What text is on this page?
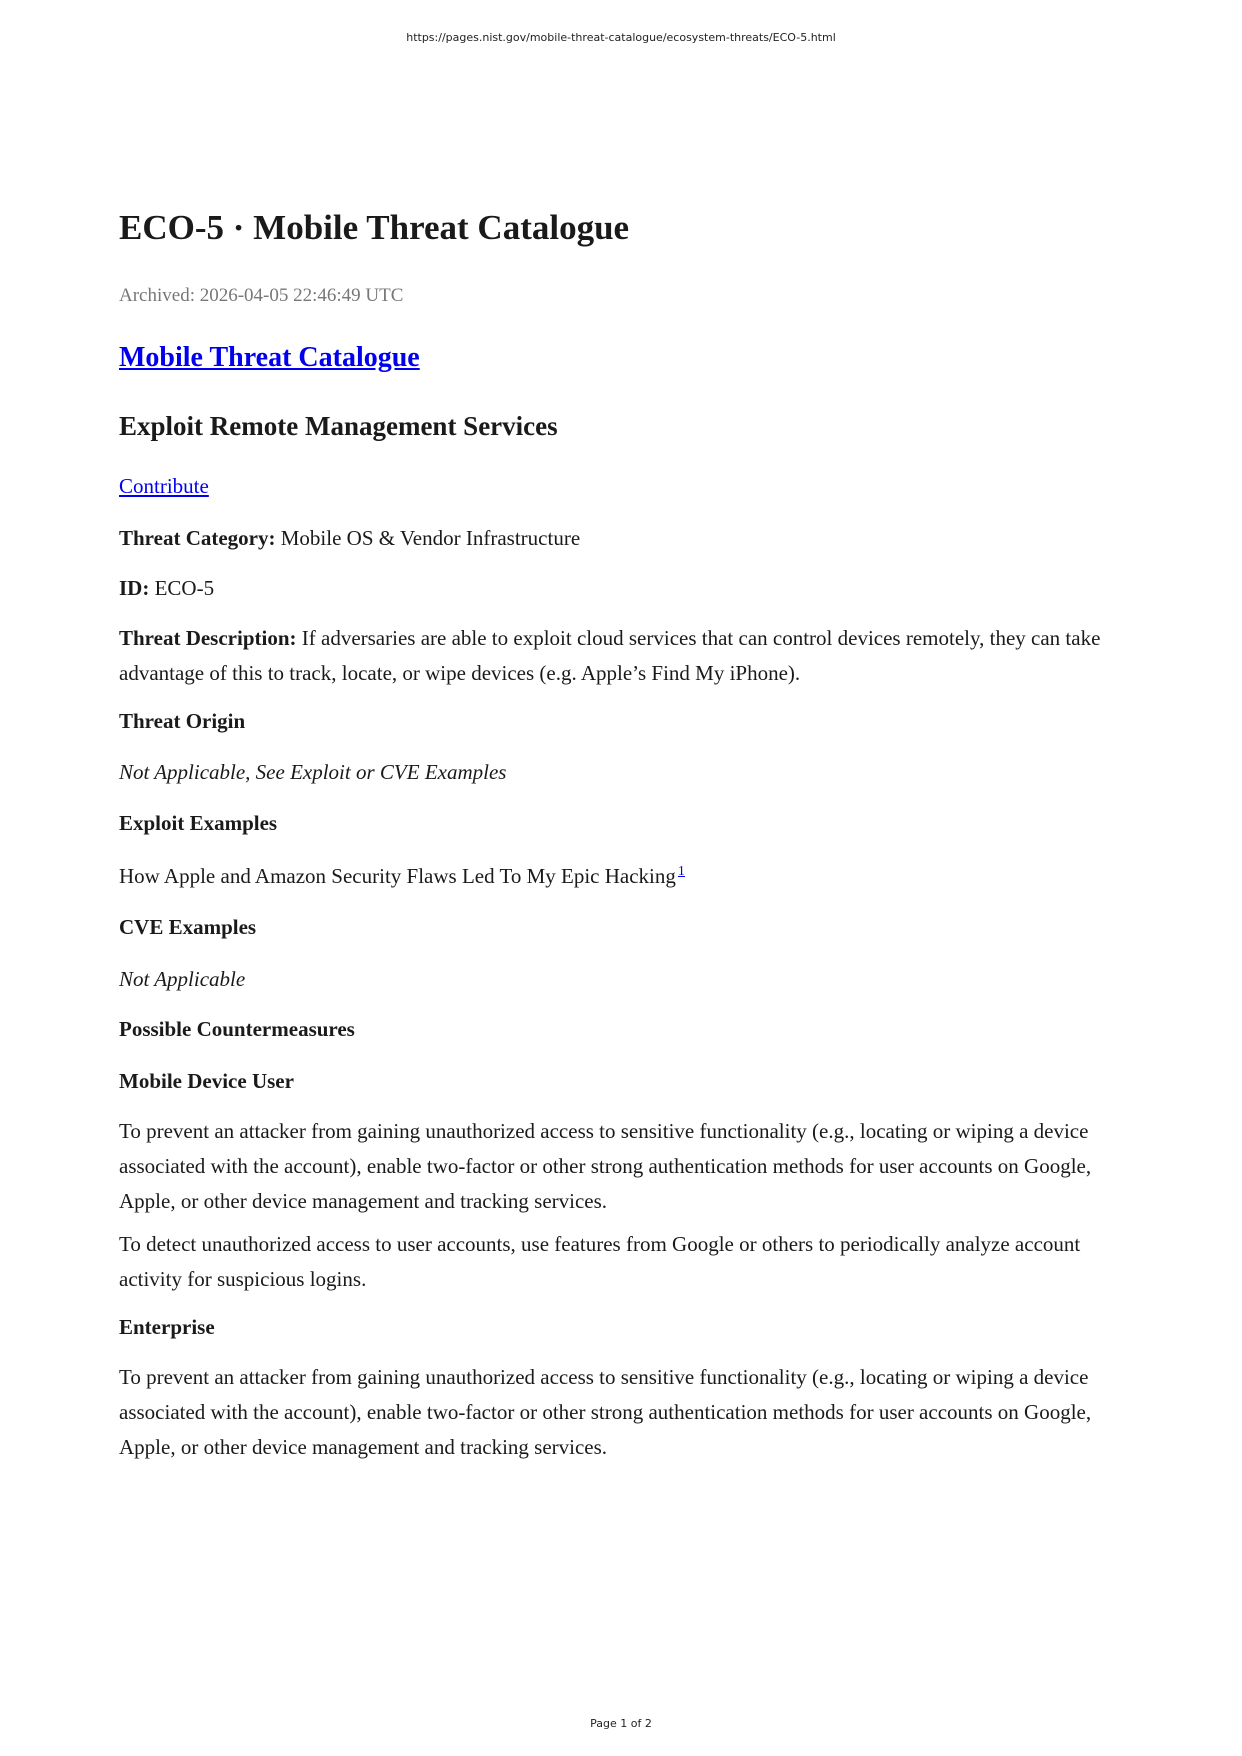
https://pages.nist.gov/mobile-threat-catalogue/ecosystem-threats/ECO-5.html
ECO-5 · Mobile Threat Catalogue
Archived: 2026-04-05 22:46:49 UTC
Mobile Threat Catalogue
Exploit Remote Management Services
Contribute
Threat Category: Mobile OS & Vendor Infrastructure
ID: ECO-5
Threat Description: If adversaries are able to exploit cloud services that can control devices remotely, they can take advantage of this to track, locate, or wipe devices (e.g. Apple’s Find My iPhone).
Threat Origin
Not Applicable, See Exploit or CVE Examples
Exploit Examples
How Apple and Amazon Security Flaws Led To My Epic Hacking $^1$
CVE Examples
Not Applicable
Possible Countermeasures
Mobile Device User
To prevent an attacker from gaining unauthorized access to sensitive functionality (e.g., locating or wiping a device associated with the account), enable two-factor or other strong authentication methods for user accounts on Google, Apple, or other device management and tracking services.
To detect unauthorized access to user accounts, use features from Google or others to periodically analyze account activity for suspicious logins.
Enterprise
To prevent an attacker from gaining unauthorized access to sensitive functionality (e.g., locating or wiping a device associated with the account), enable two-factor or other strong authentication methods for user accounts on Google, Apple, or other device management and tracking services.
Page 1 of 2
